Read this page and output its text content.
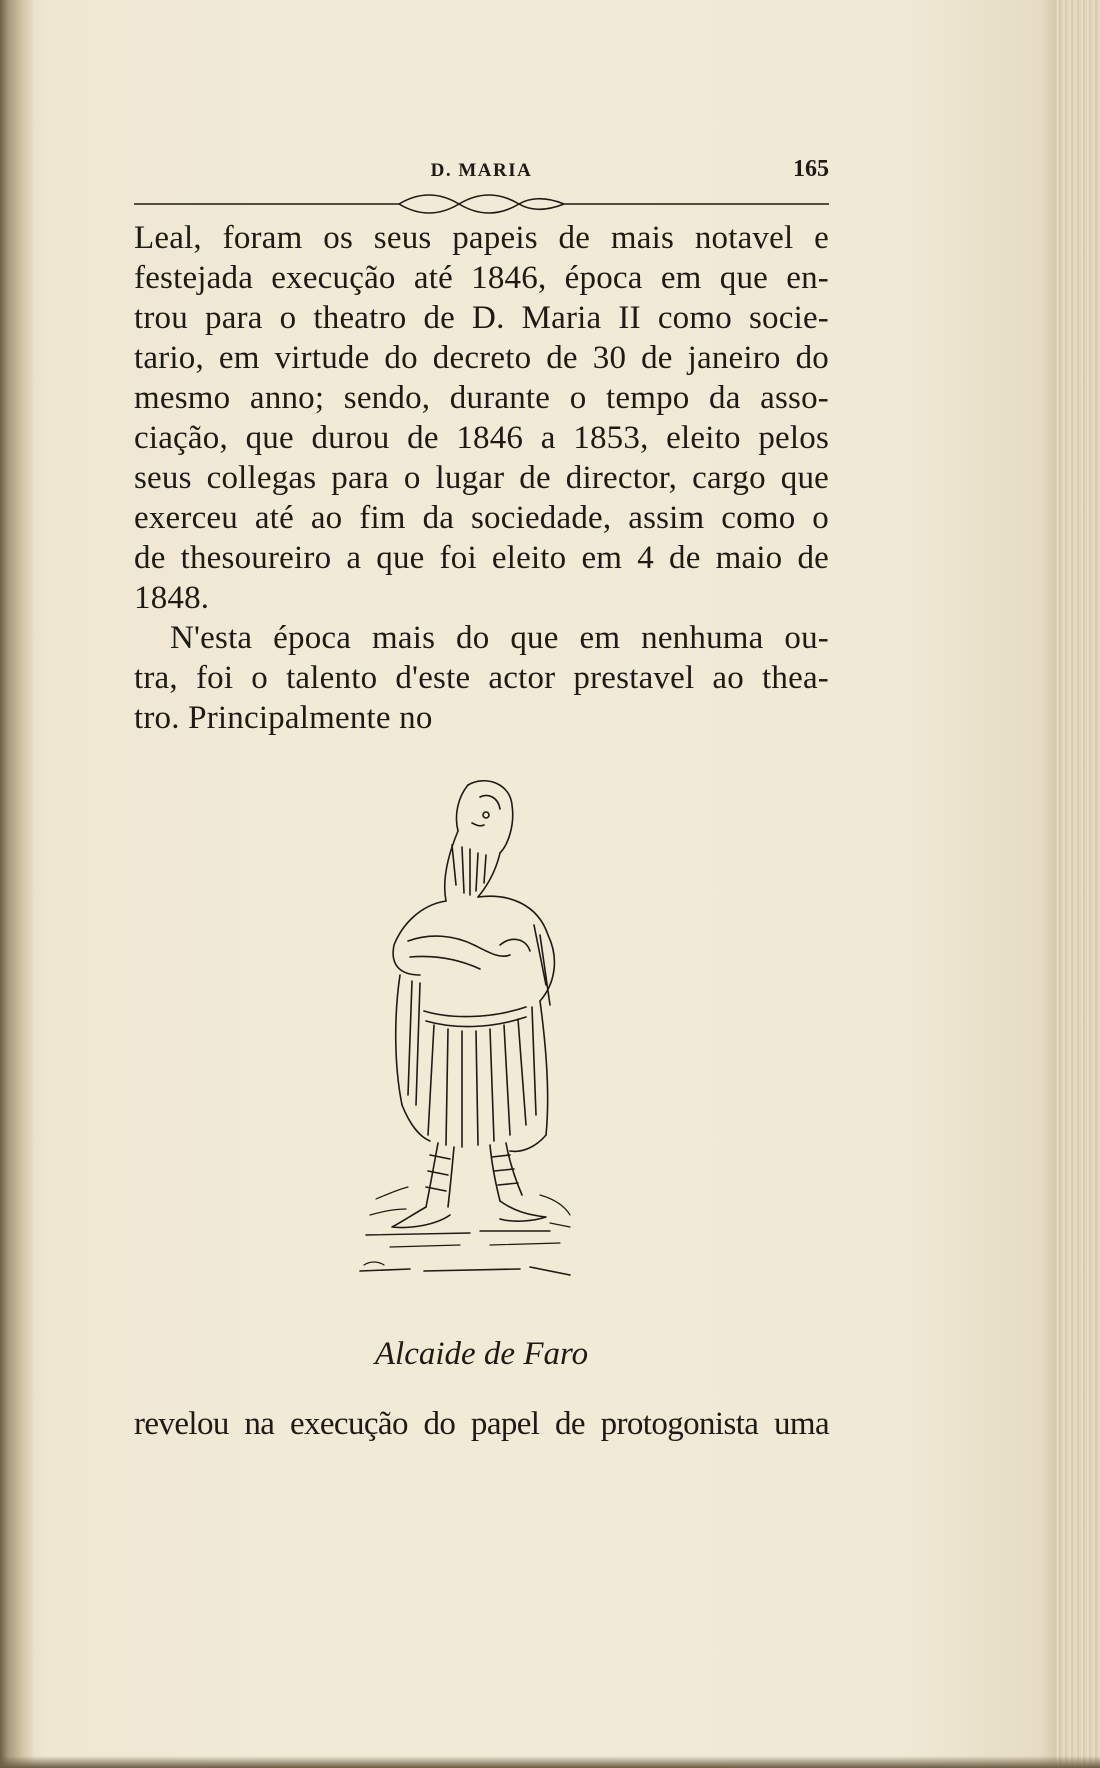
D. MARIA	165
Leal, foram os seus papeis de mais notavel e
festejada execução até 1846, época em que en-
trou para o theatro de D. Maria II como socie-
tario, em virtude do decreto de 30 de janeiro do
mesmo anno; sendo, durante o tempo da asso-
ciação, que durou de 1846 a 1853, eleito pelos
seus collegas para o lugar de director, cargo que
exerceu até ao fim da sociedade, assim como o
de thesoureiro a que foi eleito em 4 de maio de
1848.
N'esta época mais do que em nenhuma ou-
tra, foi o talento d'este actor prestavel ao thea-
tro. Principalmente no
Alcaide de Faro
revelou na execução do papel de protogonista uma
